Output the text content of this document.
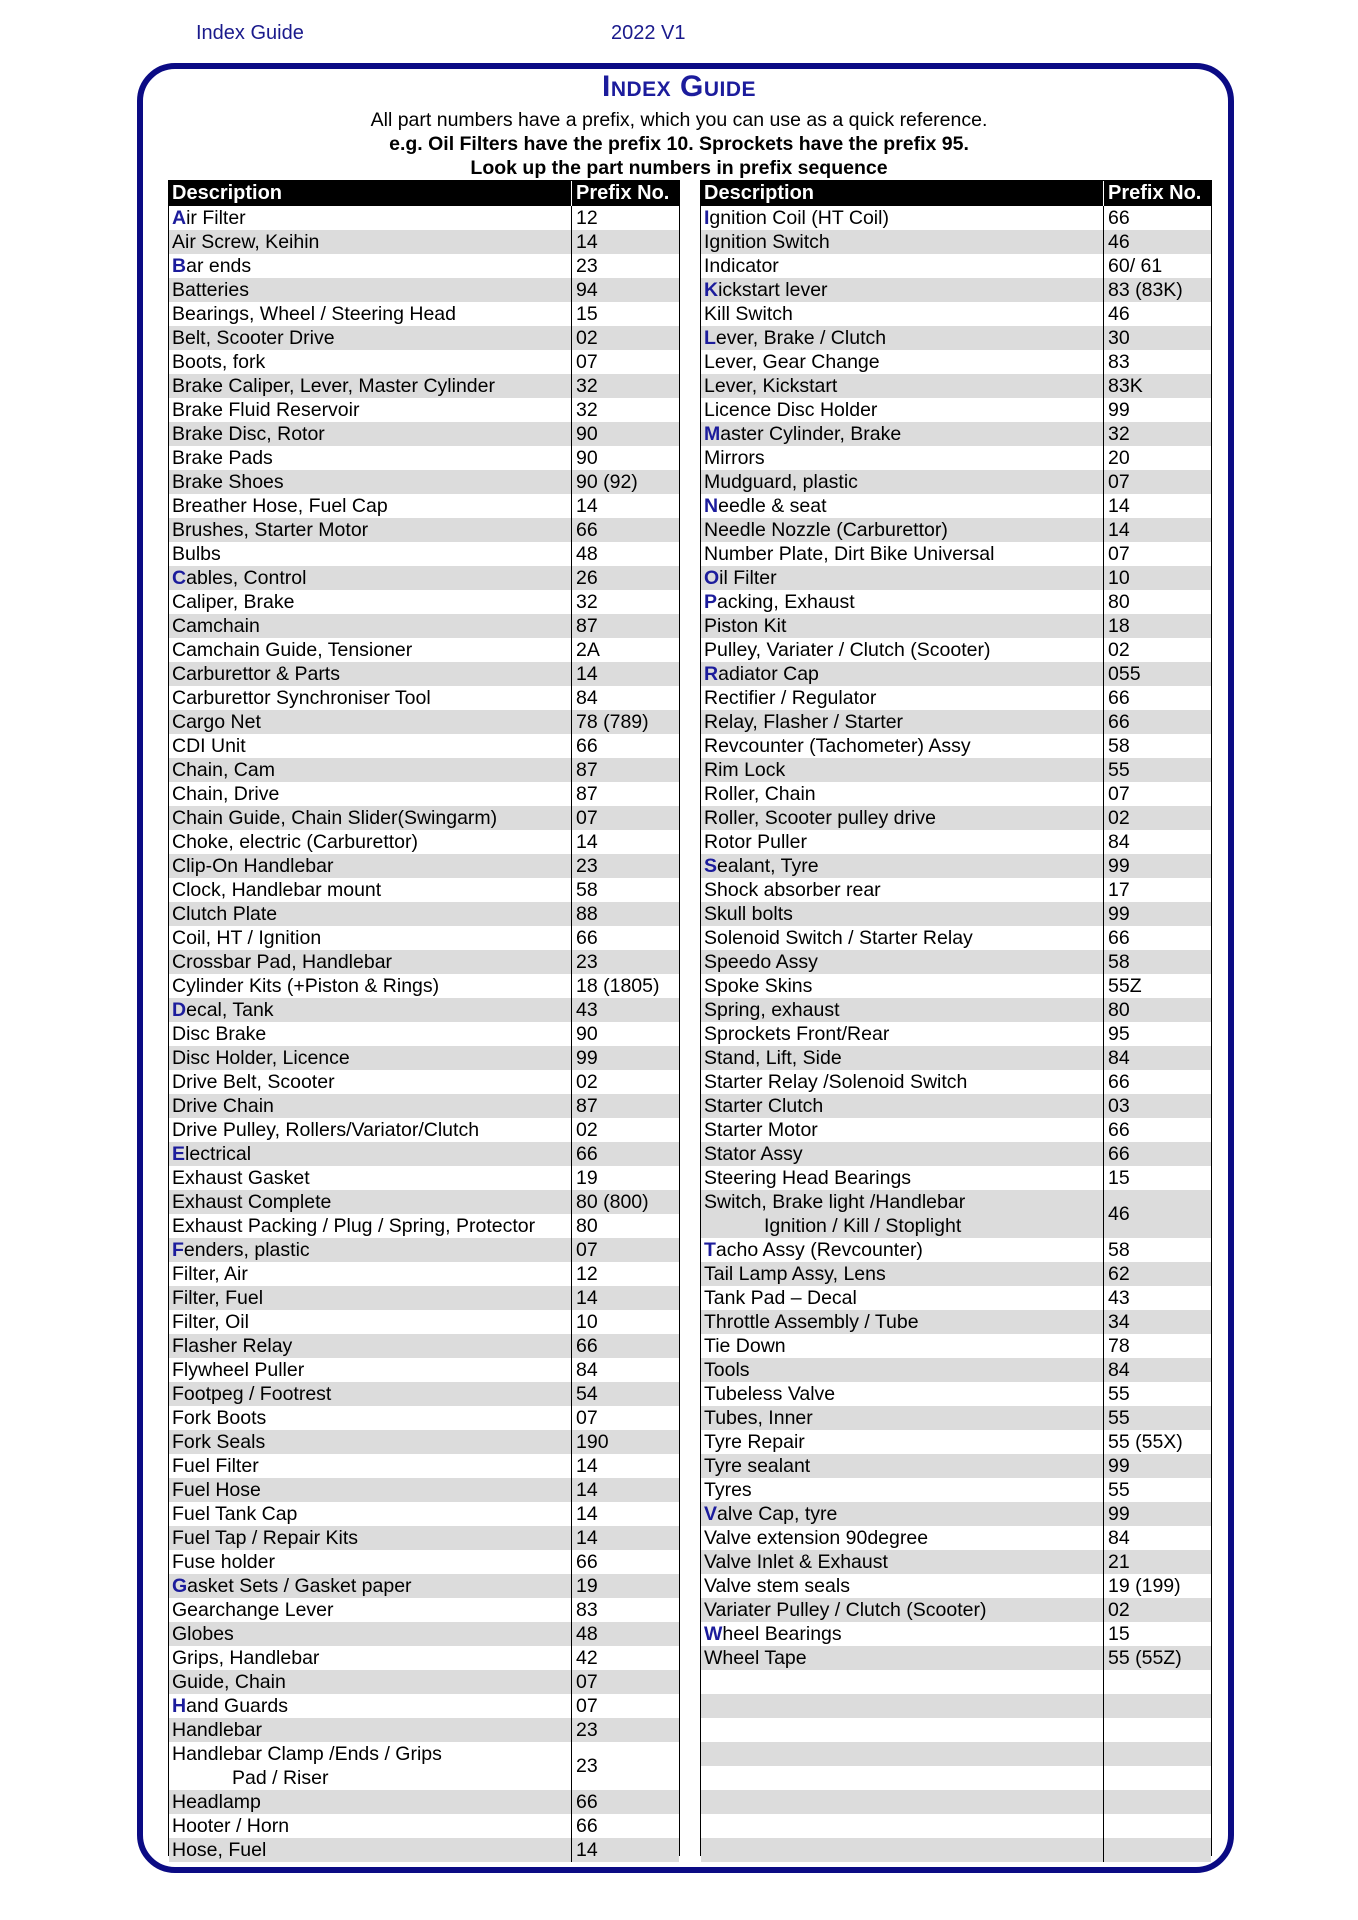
Index Guide	2022 V1
Index Guide
All part numbers have a prefix, which you can use as a quick reference.
e.g. Oil Filters have the prefix 10. Sprockets have the prefix 95.
Look up the part numbers in prefix sequence
Description	Prefix No.
Air Filter	12
Air Screw, Keihin	14
Bar ends	23
Batteries	94
Bearings, Wheel / Steering Head	15
Belt, Scooter Drive	02
Boots, fork	07
Brake Caliper, Lever, Master Cylinder	32
Brake Fluid Reservoir	32
Brake Disc, Rotor	90
Brake Pads	90
Brake Shoes	90 (92)
Breather Hose, Fuel Cap	14
Brushes, Starter Motor	66
Bulbs	48
Cables, Control	26
Caliper, Brake	32
Camchain	87
Camchain Guide, Tensioner	2A
Carburettor & Parts	14
Carburettor Synchroniser Tool	84
Cargo Net	78 (789)
CDI Unit	66
Chain, Cam	87
Chain, Drive	87
Chain Guide, Chain Slider(Swingarm)	07
Choke, electric (Carburettor)	14
Clip-On Handlebar	23
Clock, Handlebar mount	58
Clutch Plate	88
Coil, HT / Ignition	66
Crossbar Pad, Handlebar	23
Cylinder Kits (+Piston & Rings)	18 (1805)
Decal, Tank	43
Disc Brake	90
Disc Holder, Licence	99
Drive Belt, Scooter	02
Drive Chain	87
Drive Pulley, Rollers/Variator/Clutch	02
Electrical	66
Exhaust Gasket	19
Exhaust Complete	80 (800)
Exhaust Packing / Plug / Spring, Protector	80
Fenders, plastic	07
Filter, Air	12
Filter, Fuel	14
Filter, Oil	10
Flasher Relay	66
Flywheel Puller	84
Footpeg / Footrest	54
Fork Boots	07
Fork Seals	190
Fuel Filter	14
Fuel Hose	14
Fuel Tank Cap	14
Fuel Tap / Repair Kits	14
Fuse holder	66
Gasket Sets / Gasket paper	19
Gearchange Lever	83
Globes	48
Grips, Handlebar	42
Guide, Chain	07
Hand Guards	07
Handlebar	23
Handlebar Clamp /Ends / Grips
Pad / Riser
23
Headlamp	66
Hooter / Horn	66
Hose, Fuel	14
Description	Prefix No.
Ignition Coil (HT Coil)	66
Ignition Switch	46
Indicator	60/ 61
Kickstart lever	83 (83K)
Kill Switch	46
Lever, Brake / Clutch	30
Lever, Gear Change	83
Lever, Kickstart	83K
Licence Disc Holder	99
Master Cylinder, Brake	32
Mirrors	20
Mudguard, plastic	07
Needle & seat	14
Needle Nozzle (Carburettor)	14
Number Plate, Dirt Bike Universal	07
Oil Filter	10
Packing, Exhaust	80
Piston Kit	18
Pulley, Variater / Clutch (Scooter)	02
Radiator Cap	055
Rectifier / Regulator	66
Relay, Flasher / Starter	66
Revcounter (Tachometer) Assy	58
Rim Lock	55
Roller, Chain	07
Roller, Scooter pulley drive	02
Rotor Puller	84
Sealant, Tyre	99
Shock absorber rear	17
Skull bolts	99
Solenoid Switch / Starter Relay	66
Speedo Assy	58
Spoke Skins	55Z
Spring, exhaust	80
Sprockets Front/Rear	95
Stand, Lift, Side	84
Starter Relay /Solenoid Switch	66
Starter Clutch	03
Starter Motor	66
Stator Assy	66
Steering Head Bearings	15
Switch, Brake light /Handlebar
Ignition / Kill / Stoplight
46
Tacho Assy (Revcounter)	58
Tail Lamp Assy, Lens	62
Tank Pad – Decal	43
Throttle Assembly / Tube	34
Tie Down	78
Tools	84
Tubeless Valve	55
Tubes, Inner	55
Tyre Repair	55 (55X)
Tyre sealant	99
Tyres	55
Valve Cap, tyre	99
Valve extension 90degree	84
Valve Inlet & Exhaust	21
Valve stem seals	19 (199)
Variater Pulley / Clutch (Scooter)	02
Wheel Bearings	15
Wheel Tape	55 (55Z)
